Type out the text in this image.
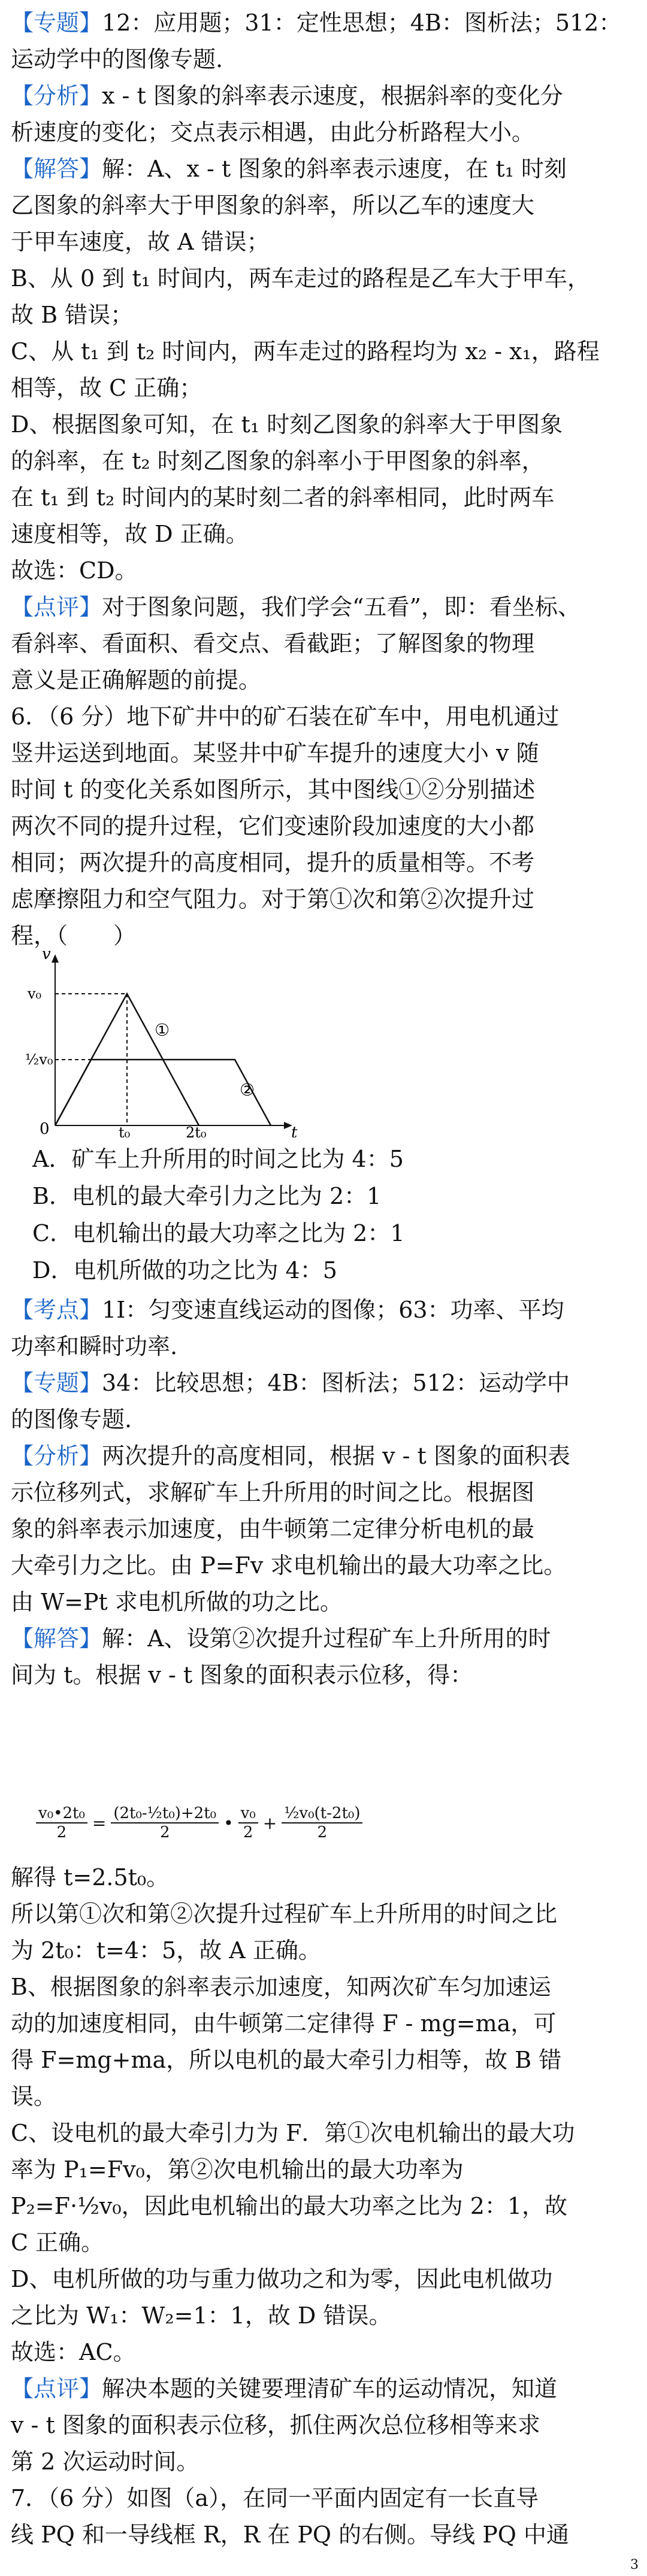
【专题】12：应用题；31：定性思想；4B：图析法；512：
运动学中的图像专题.
【分析】x - t 图象的斜率表示速度，根据斜率的变化分
析速度的变化；交点表示相遇，由此分析路程大小。
【解答】解：A、x - t 图象的斜率表示速度，在 t₁ 时刻
乙图象的斜率大于甲图象的斜率，所以乙车的速度大
于甲车速度，故 A 错误；
B、从 0 到 t₁ 时间内，两车走过的路程是乙车大于甲车，
故 B 错误；
C、从 t₁ 到 t₂ 时间内，两车走过的路程均为 x₂ - x₁，路程
相等，故 C 正确；
D、根据图象可知，在 t₁ 时刻乙图象的斜率大于甲图象
的斜率，在 t₂ 时刻乙图象的斜率小于甲图象的斜率，
在 t₁ 到 t₂ 时间内的某时刻二者的斜率相同，此时两车
速度相等，故 D 正确。
故选：CD。
【点评】对于图象问题，我们学会“五看”，即：看坐标、
看斜率、看面积、看交点、看截距；了解图象的物理
意义是正确解题的前提。
6．（6 分）地下矿井中的矿石装在矿车中，用电机通过
竖井运送到地面。某竖井中矿车提升的速度大小 v 随
时间 t 的变化关系如图所示，其中图线①②分别描述
两次不同的提升过程，它们变速阶段加速度的大小都
相同；两次提升的高度相同，提升的质量相等。不考
虑摩擦阻力和空气阻力。对于第①次和第②次提升过
程，（　　）
v
t
0
v₀
½v₀
t₀	2t₀
①
②
A．矿车上升所用的时间之比为 4：5
B．电机的最大牵引力之比为 2：1
C．电机输出的最大功率之比为 2：1
D．电机所做的功之比为 4：5
【考点】1I：匀变速直线运动的图像；63：功率、平均
功率和瞬时功率.
【专题】34：比较思想；4B：图析法；512：运动学中
的图像专题.
【分析】两次提升的高度相同，根据 v - t 图象的面积表
示位移列式，求解矿车上升所用的时间之比。根据图
象的斜率表示加速度，由牛顿第二定律分析电机的最
大牵引力之比。由 P=Fv 求电机输出的最大功率之比。
由 W=Pt 求电机所做的功之比。
【解答】解：A、设第②次提升过程矿车上升所用的时
间为 t。根据 v - t 图象的面积表示位移，得：
$\frac{\text{v₀•2t₀}}{2} = \frac{\text{(2t₀-½t₀)+2t₀}}{2}$ • $\frac{\text{v₀}}{2} + \frac{\text{½v₀(t-2t₀)}}{2}$
解得 t=2.5t₀。
所以第①次和第②次提升过程矿车上升所用的时间之比
为 2t₀：t=4：5，故 A 正确。
B、根据图象的斜率表示加速度，知两次矿车匀加速运
动的加速度相同，由牛顿第二定律得 F - mg=ma，可
得 F=mg+ma，所以电机的最大牵引力相等，故 B 错
误。
C、设电机的最大牵引力为 F．第①次电机输出的最大功
率为 P₁=Fv₀，第②次电机输出的最大功率为
P₂=F·½v₀，因此电机输出的最大功率之比为 2：1，故
C 正确。
D、电机所做的功与重力做功之和为零，因此电机做功
之比为 W₁：W₂=1：1，故 D 错误。
故选：AC。
【点评】解决本题的关键要理清矿车的运动情况，知道
v - t 图象的面积表示位移，抓住两次总位移相等来求
第 2 次运动时间。
7．（6 分）如图（a），在同一平面内固定有一长直导
线 PQ 和一导线框 R，R 在 PQ 的右侧。导线 PQ 中通
3
